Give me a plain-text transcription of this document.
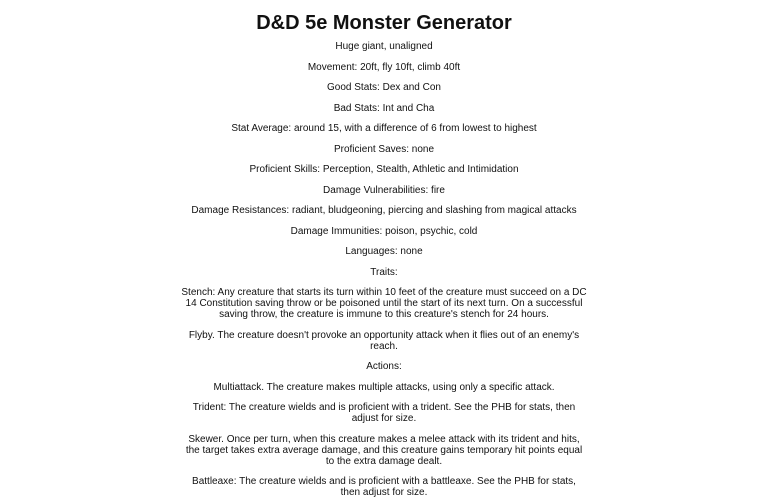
D&D 5e Monster Generator

Huge giant, unaligned

Movement: 20ft, fly 10ft, climb 40ft

Good Stats: Dex and Con

Bad Stats: Int and Cha

Stat Average: around 15, with a difference of 6 from lowest to highest

Proficient Saves: none

Proficient Skills: Perception, Stealth, Athletic and Intimidation

Damage Vulnerabilities: fire

Damage Resistances: radiant, bludgeoning, piercing and slashing from magical attacks

Damage Immunities: poison, psychic, cold

Languages: none

Traits:

Stench: Any creature that starts its turn within 10 feet of the creature must succeed on a DC 14 Constitution saving throw or be poisoned until the start of its next turn. On a successful saving throw, the creature is immune to this creature's stench for 24 hours.

Flyby. The creature doesn't provoke an opportunity attack when it flies out of an enemy's reach.

Actions:

Multiattack. The creature makes multiple attacks, using only a specific attack.

Trident: The creature wields and is proficient with a trident. See the PHB for stats, then adjust for size.

Skewer. Once per turn, when this creature makes a melee attack with its trident and hits, the target takes extra average damage, and this creature gains temporary hit points equal to the extra damage dealt.

Battleaxe: The creature wields and is proficient with a battleaxe. See the PHB for stats, then adjust for size.
